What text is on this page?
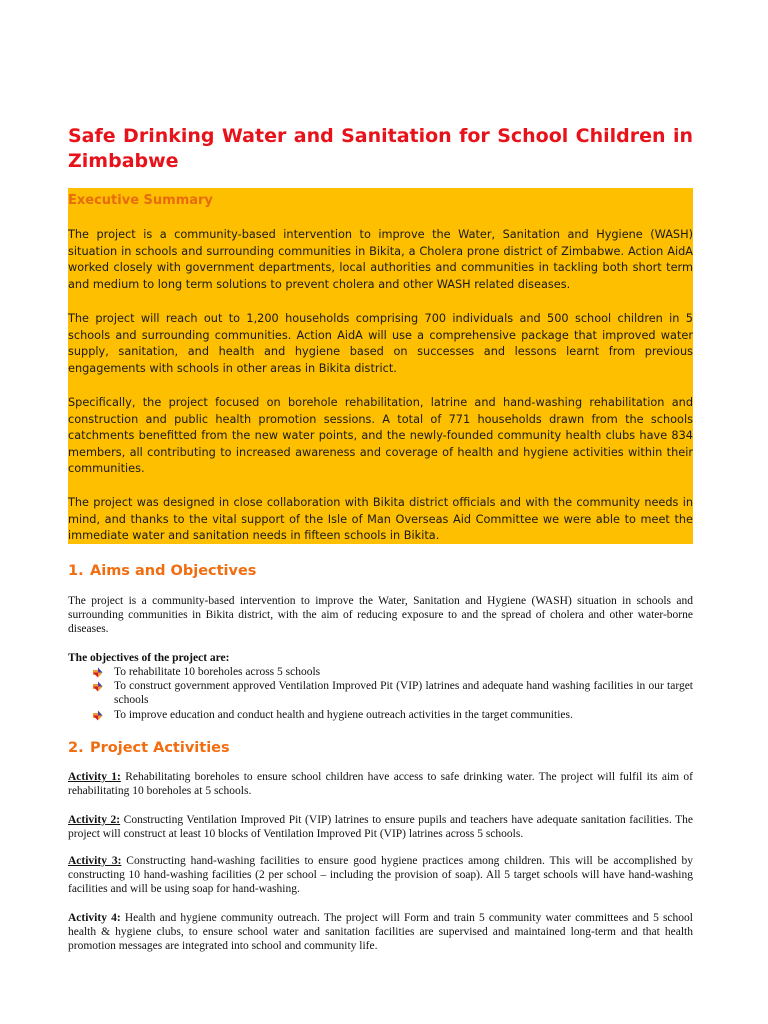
Safe Drinking Water and Sanitation for School Children in Zimbabwe
Executive Summary

The project is a community-based intervention to improve the Water, Sanitation and Hygiene (WASH) situation in schools and surrounding communities in Bikita, a Cholera prone district of Zimbabwe. Action AidA worked closely with government departments, local authorities and communities in tackling both short term and medium to long term solutions to prevent cholera and other WASH related diseases.

The project will reach out to 1,200 households comprising 700 individuals and 500 school children in 5 schools and surrounding communities. Action AidA will use a comprehensive package that improved water supply, sanitation, and health and hygiene based on successes and lessons learnt from previous engagements with schools in other areas in Bikita district.

Specifically, the project focused on borehole rehabilitation, latrine and hand-washing rehabilitation and construction and public health promotion sessions. A total of 771 households drawn from the schools catchments benefitted from the new water points, and the newly-founded community health clubs have 834 members, all contributing to increased awareness and coverage of health and hygiene activities within their communities.

The project was designed in close collaboration with Bikita district officials and with the community needs in mind, and thanks to the vital support of the Isle of Man Overseas Aid Committee we were able to meet the immediate water and sanitation needs in fifteen schools in Bikita.

1. Aims and Objectives

The project is a community-based intervention to improve the Water, Sanitation and Hygiene (WASH) situation in schools and surrounding communities in Bikita district, with the aim of reducing exposure to and the spread of cholera and other water-borne diseases.

The objectives of the project are:

To rehabilitate 10 boreholes across 5 schools
To construct government approved Ventilation Improved Pit (VIP) latrines and adequate hand washing facilities in our target schools
To improve education and conduct health and hygiene outreach activities in the target communities.
2. Project Activities

Activity 1: Rehabilitating boreholes to ensure school children have access to safe drinking water. The project will fulfil its aim of rehabilitating 10 boreholes at 5 schools.

Activity 2: Constructing Ventilation Improved Pit (VIP) latrines to ensure pupils and teachers have adequate sanitation facilities. The project will construct at least 10 blocks of Ventilation Improved Pit (VIP) latrines across 5 schools.

Activity 3: Constructing hand-washing facilities to ensure good hygiene practices among children. This will be accomplished by constructing 10 hand-washing facilities (2 per school – including the provision of soap). All 5 target schools will have hand-washing facilities and will be using soap for hand-washing.

Activity 4: Health and hygiene community outreach. The project will Form and train 5 community water committees and 5 school health & hygiene clubs, to ensure school water and sanitation facilities are supervised and maintained long-term and that health promotion messages are integrated into school and community life.
